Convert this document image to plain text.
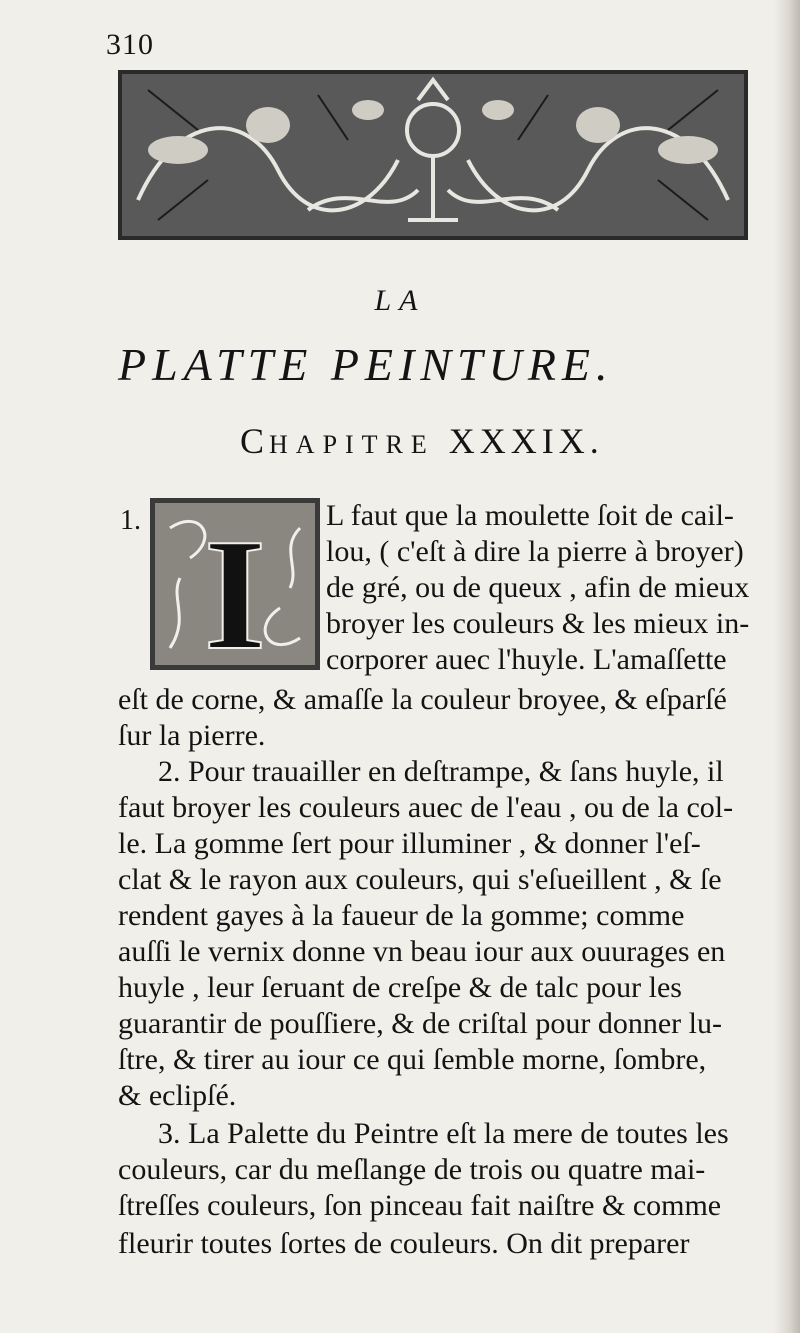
310
LA
PLATTE PEINTURE.
CHAPITRE XXXIX.
1. I L faut que la moulette ſoit de cail-
lou, ( c'eſt à dire la pierre à broyer)
de gré, ou de queux , afin de mieux
broyer les couleurs & les mieux in-
corporer auec l'huyle. L'amaſſette
eſt de corne, & amaſſe la couleur broyee, & eſparſé
ſur la pierre.
2. Pour trauailler en deſtrampe, & ſans huyle, il
faut broyer les couleurs auec de l'eau , ou de la col-
le. La gomme ſert pour illuminer , & donner l'eſ-
clat & le rayon aux couleurs, qui s'eſueillent , & ſe
rendent gayes à la faueur de la gomme; comme
auſſi le vernix donne vn beau iour aux ouurages en
huyle , leur ſeruant de creſpe & de talc pour les
guarantir de pouſſiere, & de criſtal pour donner lu-
ſtre, & tirer au iour ce qui ſemble morne, ſombre,
& eclipſé.
3. La Palette du Peintre eſt la mere de toutes les
couleurs, car du meſlange de trois ou quatre mai-
ſtreſſes couleurs, ſon pinceau fait naiſtre & comme
fleurir toutes ſortes de couleurs. On dit preparer
